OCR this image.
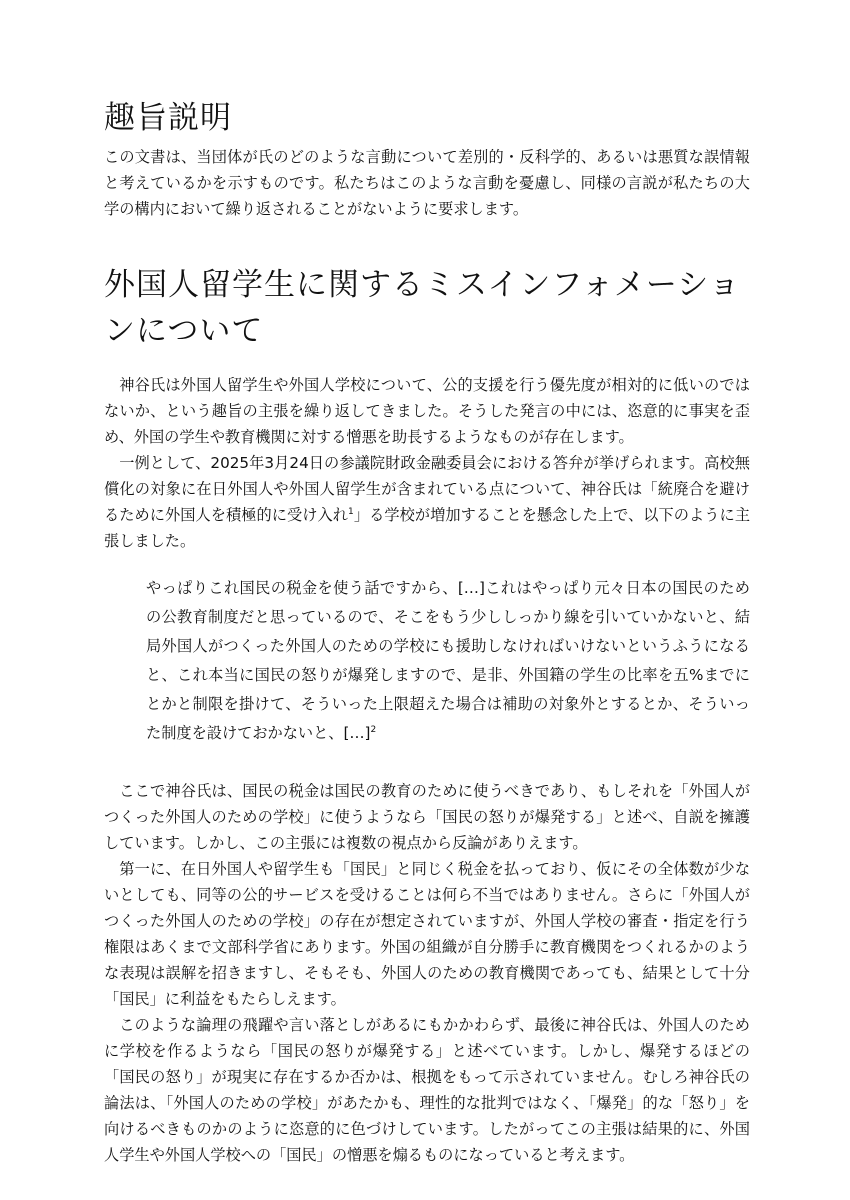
趣旨説明

この文書は、当団体が氏のどのような言動について差別的・反科学的、あるいは悪質な誤情報と考えているかを示すものです。私たちはこのような言動を憂慮し、同様の言説が私たちの大学の構内において繰り返されることがないように要求します。

外国人留学生に関するミスインフォメーションについて

神谷氏は外国人留学生や外国人学校について、公的支援を行う優先度が相対的に低いのではないか、という趣旨の主張を繰り返してきました。そうした発言の中には、恣意的に事実を歪め、外国の学生や教育機関に対する憎悪を助長するようなものが存在します。

一例として、2025年3月24日の参議院財政金融委員会における答弁が挙げられます。高校無償化の対象に在日外国人や外国人留学生が含まれている点について、神谷氏は「統廃合を避けるために外国人を積極的に受け入れ$^1$」る学校が増加することを懸念した上で、以下のように主張しました。

やっぱりこれ国民の税金を使う話ですから、[…]これはやっぱり元々日本の国民のための公教育制度だと思っているので、そこをもう少ししっかり線を引いていかないと、結局外国人がつくった外国人のための学校にも援助しなければいけないというふうになると、これ本当に国民の怒りが爆発しますので、是非、外国籍の学生の比率を五%までにとかと制限を掛けて、そういった上限超えた場合は補助の対象外とするとか、そういった制度を設けておかないと、[…]$^2$

ここで神谷氏は、国民の税金は国民の教育のために使うべきであり、もしそれを「外国人がつくった外国人のための学校」に使うようなら「国民の怒りが爆発する」と述べ、自説を擁護しています。しかし、この主張には複数の視点から反論がありえます。

第一に、在日外国人や留学生も「国民」と同じく税金を払っており、仮にその全体数が少ないとしても、同等の公的サービスを受けることは何ら不当ではありません。さらに「外国人がつくった外国人のための学校」の存在が想定されていますが、外国人学校の審査・指定を行う権限はあくまで文部科学省にあります。外国の組織が自分勝手に教育機関をつくれるかのような表現は誤解を招きますし、そもそも、外国人のための教育機関であっても、結果として十分「国民」に利益をもたらしえます。

このような論理の飛躍や言い落としがあるにもかかわらず、最後に神谷氏は、外国人のために学校を作るようなら「国民の怒りが爆発する」と述べています。しかし、爆発するほどの「国民の怒り」が現実に存在するか否かは、根拠をもって示されていません。むしろ神谷氏の論法は、「外国人のための学校」があたかも、理性的な批判ではなく、「爆発」的な「怒り」を向けるべきものかのように恣意的に色づけしています。したがってこの主張は結果的に、外国人学生や外国人学校への「国民」の憎悪を煽るものになっていると考えます。
